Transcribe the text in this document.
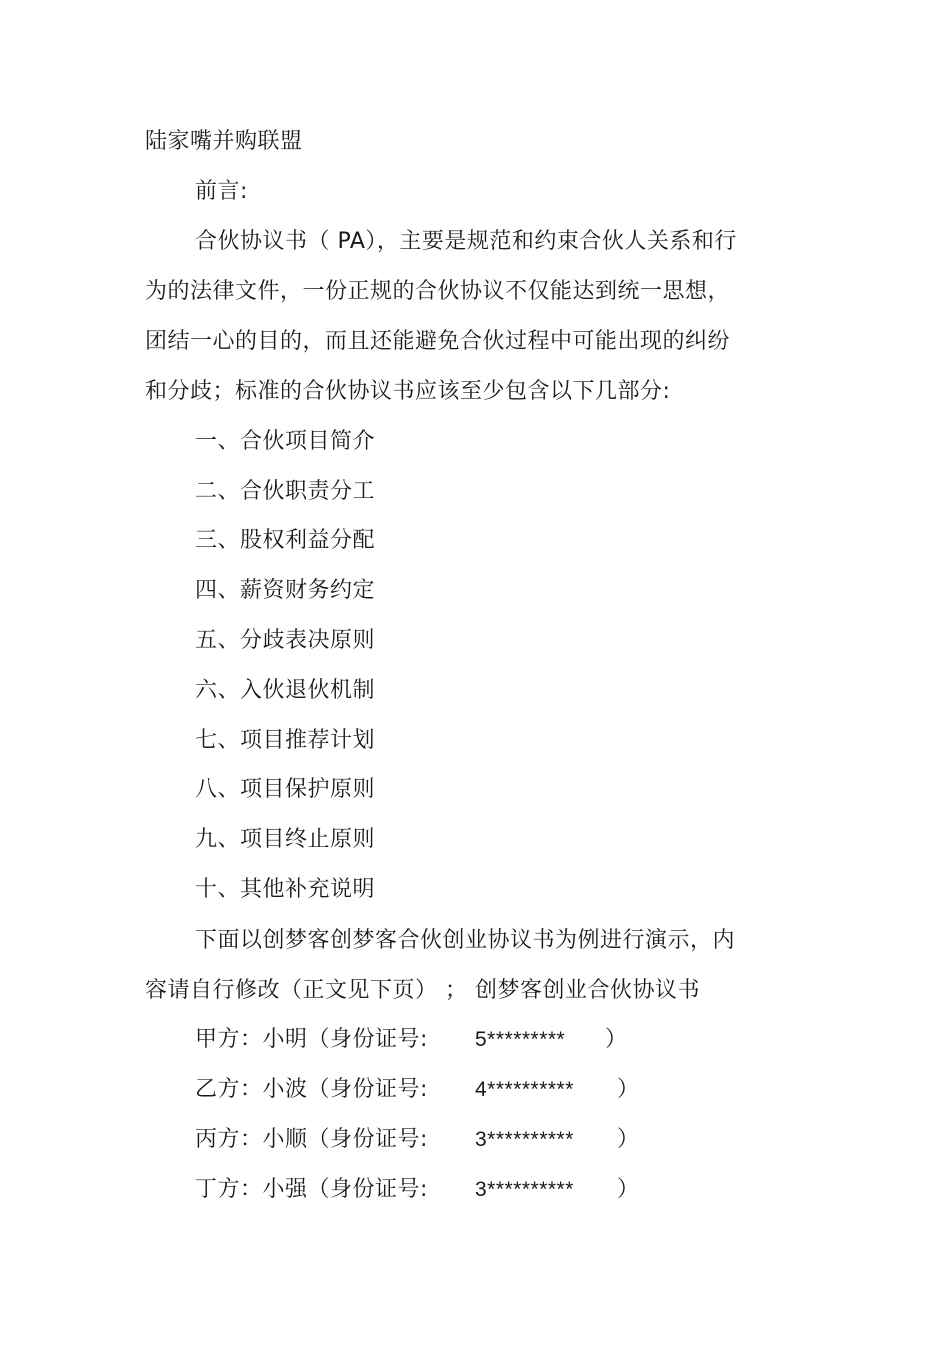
陆家嘴并购联盟
前言:
合伙协议书（ PA），主要是规范和约束合伙人关系和行
为的法律文件，一份正规的合伙协议不仅能达到统一思想，
团结一心的目的，而且还能避免合伙过程中可能出现的纠纷
和分歧；标准的合伙协议书应该至少包含以下几部分:
一、合伙项目简介
二、合伙职责分工
三、股权利益分配
四、薪资财务约定
五、分歧表决原则
六、入伙退伙机制
七、项目推荐计划
八、项目保护原则
九、项目终止原则
十、其他补充说明
下面以创梦客创梦客合伙创业协议书为例进行演示，内
容请自行修改（正文见下页） ； 创梦客创业合伙协议书
甲方：小明（身份证号: 5********* ）
乙方：小波（身份证号: 4********** ）
丙方：小顺（身份证号: 3********** ）
丁方：小强（身份证号: 3********** ）
